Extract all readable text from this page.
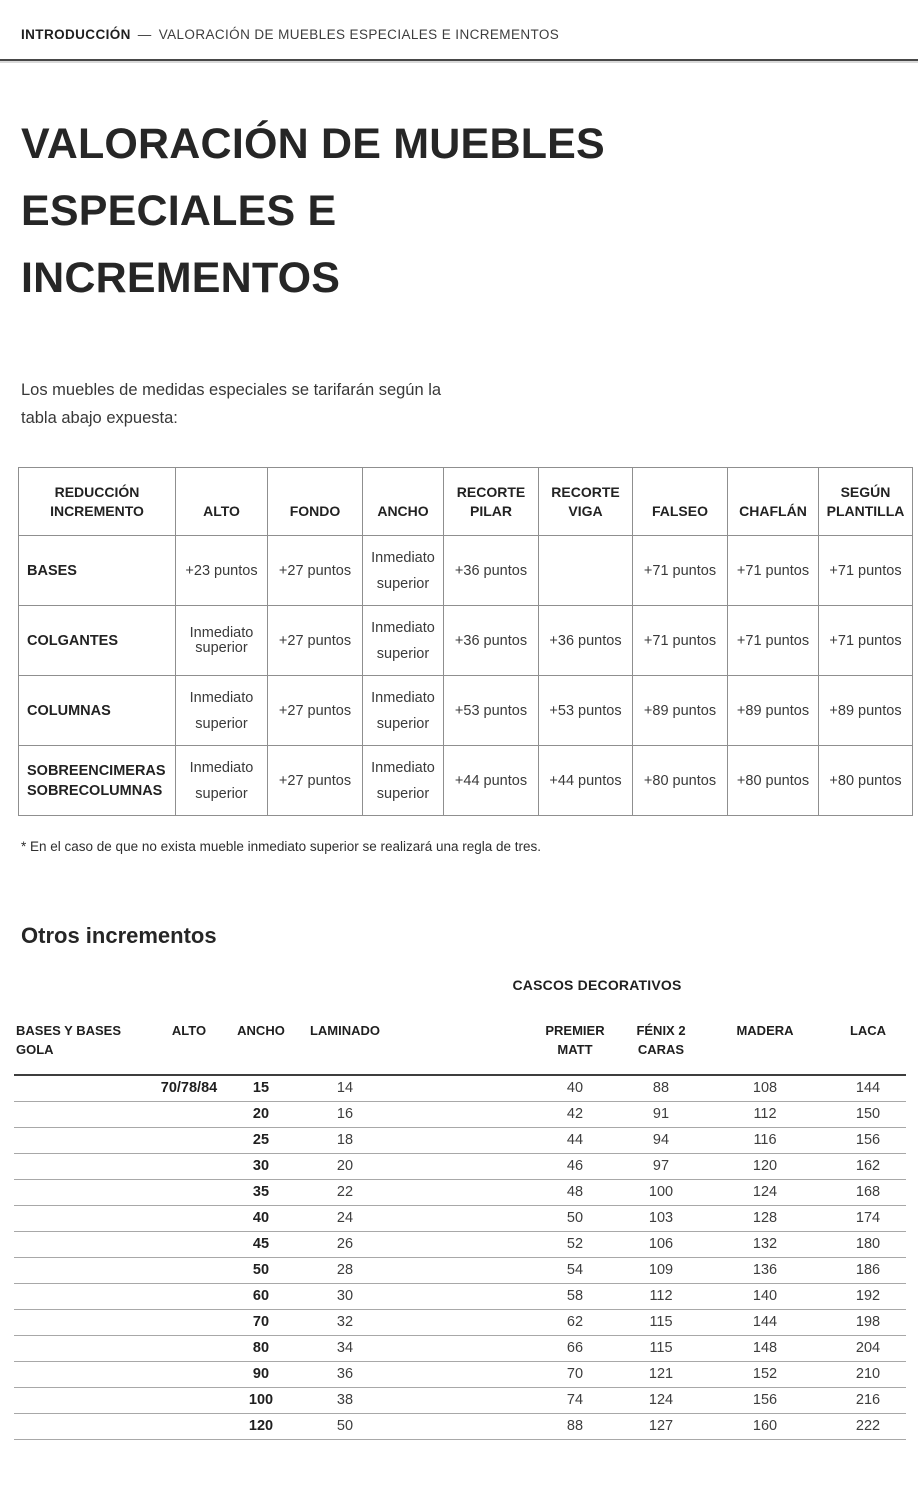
INTRODUCCIÓN — VALORACIÓN DE MUEBLES ESPECIALES E INCREMENTOS
VALORACIÓN DE MUEBLES ESPECIALES E INCREMENTOS

Los muebles de medidas especiales se tarifarán según la tabla abajo expuesta:

REDUCCIÓN INCREMENTO	ALTO	FONDO	ANCHO	RECORTE PILAR	RECORTE VIGA	FALSEO	CHAFLÁN	SEGÚN PLANTILLA
BASES	+23 puntos	+27 puntos	Inmediato superior	+36 puntos		+71 puntos	+71 puntos	+71 puntos
COLGANTES	Inmediato superior	+27 puntos	Inmediato superior	+36 puntos	+36 puntos	+71 puntos	+71 puntos	+71 puntos
COLUMNAS	Inmediato superior	+27 puntos	Inmediato superior	+53 puntos	+53 puntos	+89 puntos	+89 puntos	+89 puntos
SOBREENCIMERAS SOBRECOLUMNAS	Inmediato superior	+27 puntos	Inmediato superior	+44 puntos	+44 puntos	+80 puntos	+80 puntos	+80 puntos

* En el caso de que no exista mueble inmediato superior se realizará una regla de tres.

Otros incrementos
CASCOS DECORATIVOS
BASES Y BASES GOLA	ALTO	ANCHO	LAMINADO		PREMIER MATT	FÉNIX 2 CARAS	MADERA	LACA
	70/78/84	15	14		40	88	108	144
		20	16		42	91	112	150
		25	18		44	94	116	156
		30	20		46	97	120	162
		35	22		48	100	124	168
		40	24		50	103	128	174
		45	26		52	106	132	180
		50	28		54	109	136	186
		60	30		58	112	140	192
		70	32		62	115	144	198
		80	34		66	115	148	204
		90	36		70	121	152	210
		100	38		74	124	156	216
		120	50		88	127	160	222
